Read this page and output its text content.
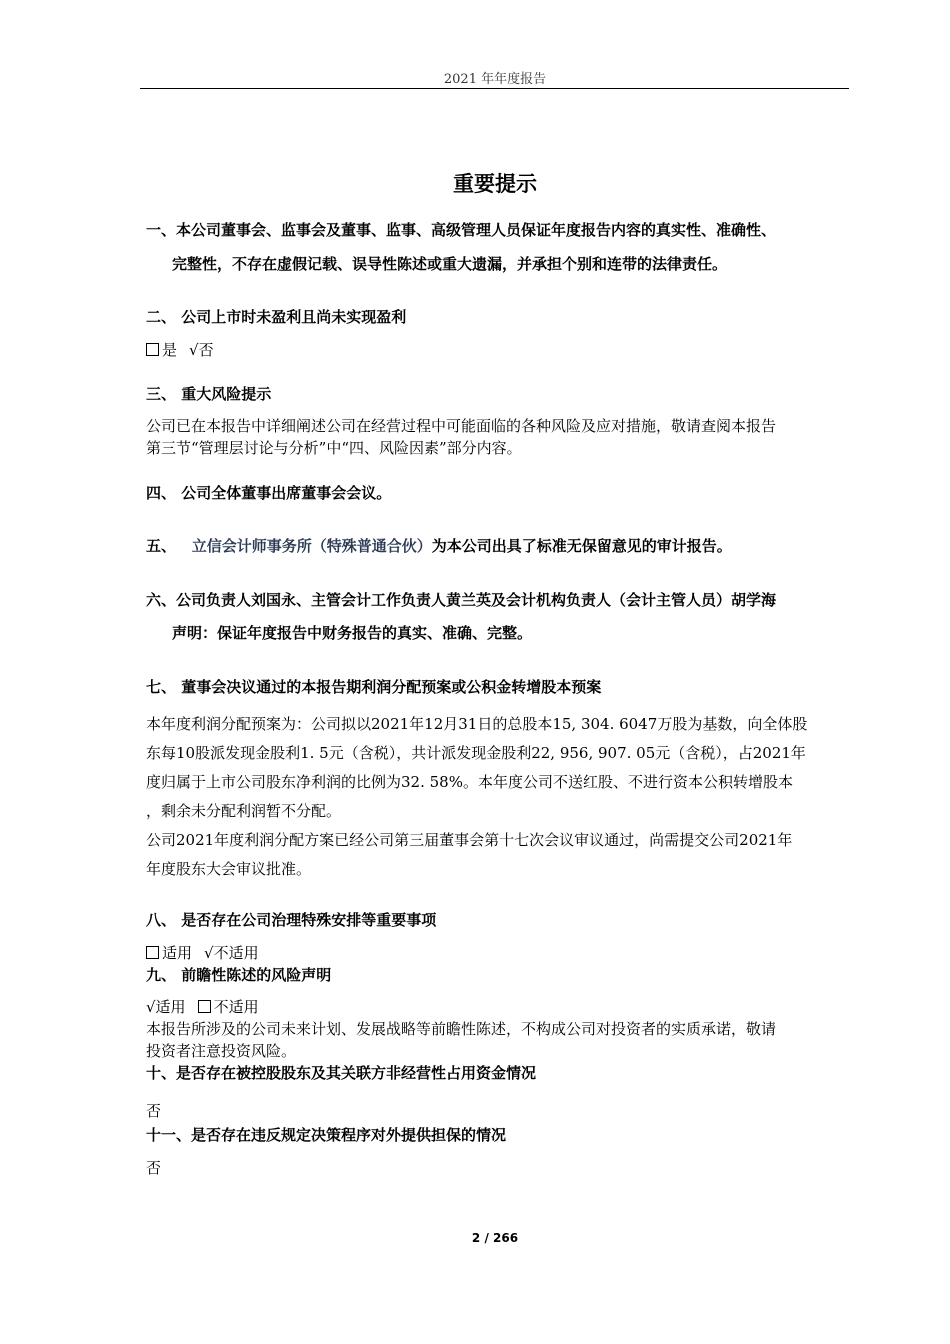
2021 年年度报告
重要提示
一、本公司董事会、监事会及董事、监事、高级管理人员保证年度报告内容的真实性、准确性、
完整性，不存在虚假记载、误导性陈述或重大遗漏，并承担个别和连带的法律责任。
二、 公司上市时未盈利且尚未实现盈利
是 √否
三、 重大风险提示
公司已在本报告中详细阐述公司在经营过程中可能面临的各种风险及应对措施，敬请查阅本报告
第三节“管理层讨论与分析”中“四、风险因素”部分内容。
四、 公司全体董事出席董事会会议。
五、 立信会计师事务所（特殊普通合伙）为本公司出具了标准无保留意见的审计报告。
六、公司负责人刘国永、主管会计工作负责人黄兰英及会计机构负责人（会计主管人员）胡学海
声明：保证年度报告中财务报告的真实、准确、完整。
七、 董事会决议通过的本报告期利润分配预案或公积金转增股本预案
本年度利润分配预案为：公司拟以2021年12月31日的总股本15, 304. 6047万股为基数，向全体股
东每10股派发现金股利1. 5元（含税），共计派发现金股利22, 956, 907. 05元（含税），占2021年
度归属于上市公司股东净利润的比例为32. 58%。本年度公司不送红股、不进行资本公积转增股本
，剩余未分配利润暂不分配。
公司2021年度利润分配方案已经公司第三届董事会第十七次会议审议通过，尚需提交公司2021年
年度股东大会审议批准。
八、 是否存在公司治理特殊安排等重要事项
适用 √不适用
九、 前瞻性陈述的风险声明
√适用 不适用
本报告所涉及的公司未来计划、发展战略等前瞻性陈述，不构成公司对投资者的实质承诺，敬请
投资者注意投资风险。
十、是否存在被控股股东及其关联方非经营性占用资金情况
否
十一、是否存在违反规定决策程序对外提供担保的情况
否
2 / 266
